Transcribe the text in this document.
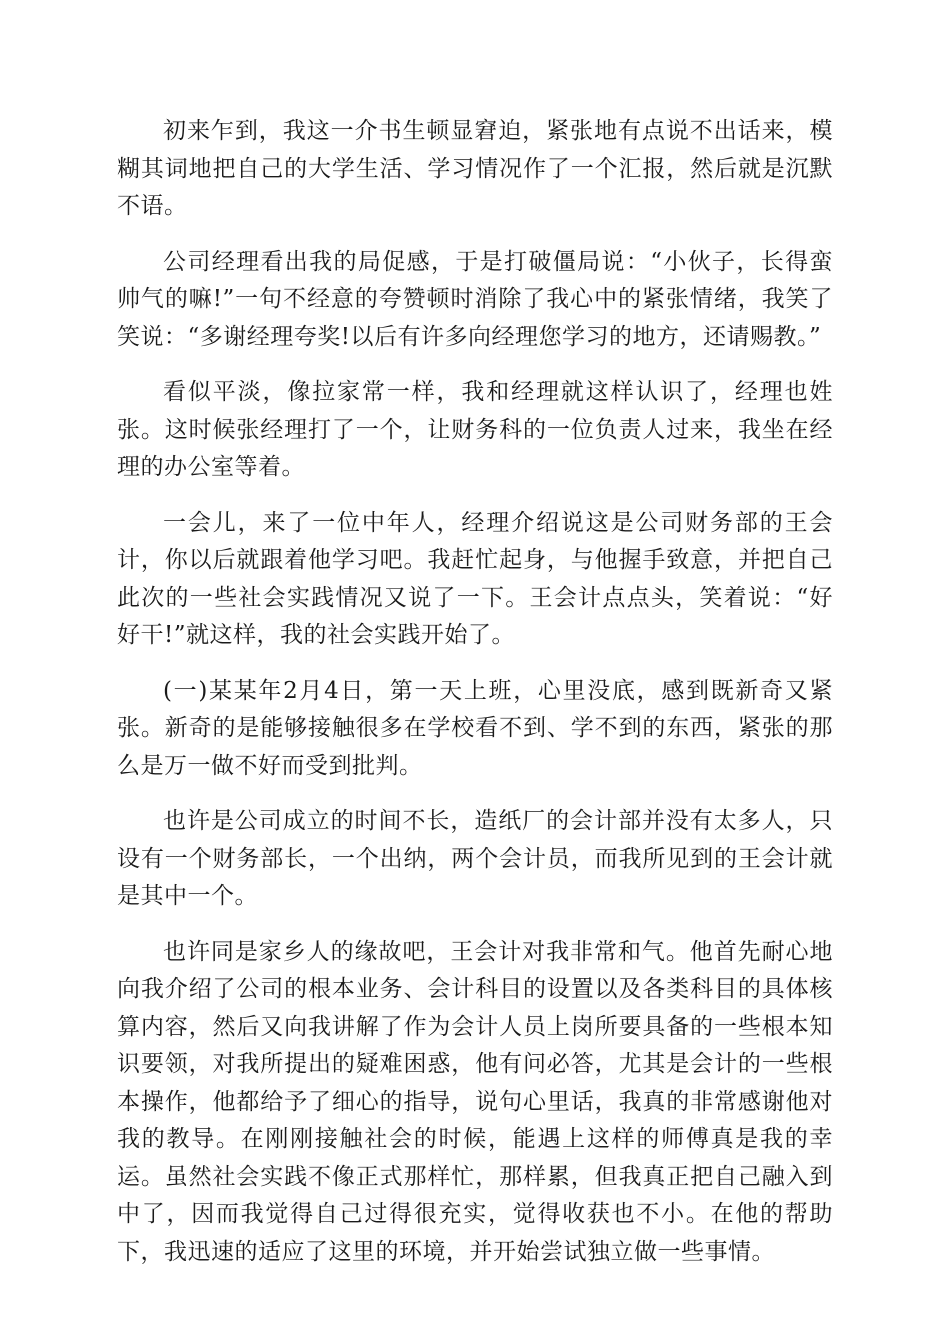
初来乍到，我这一介书生顿显窘迫，紧张地有点说不出话来，模糊其词地把自己的大学生活、学习情况作了一个汇报，然后就是沉默不语。

公司经理看出我的局促感，于是打破僵局说：“小伙子，长得蛮帅气的嘛!”一句不经意的夸赞顿时消除了我心中的紧张情绪，我笑了笑说：“多谢经理夸奖!以后有许多向经理您学习的地方，还请赐教。”

看似平淡，像拉家常一样，我和经理就这样认识了，经理也姓张。这时候张经理打了一个，让财务科的一位负责人过来，我坐在经理的办公室等着。

一会儿，来了一位中年人，经理介绍说这是公司财务部的王会计，你以后就跟着他学习吧。我赶忙起身，与他握手致意，并把自己此次的一些社会实践情况又说了一下。王会计点点头，笑着说：“好好干!”就这样，我的社会实践开始了。

(一)某某年2月4日，第一天上班，心里没底，感到既新奇又紧张。新奇的是能够接触很多在学校看不到、学不到的东西，紧张的那么是万一做不好而受到批判。

也许是公司成立的时间不长，造纸厂的会计部并没有太多人，只设有一个财务部长，一个出纳，两个会计员，而我所见到的王会计就是其中一个。

也许同是家乡人的缘故吧，王会计对我非常和气。他首先耐心地向我介绍了公司的根本业务、会计科目的设置以及各类科目的具体核算内容，然后又向我讲解了作为会计人员上岗所要具备的一些根本知识要领，对我所提出的疑难困惑，他有问必答，尤其是会计的一些根本操作，他都给予了细心的指导，说句心里话，我真的非常感谢他对我的教导。在刚刚接触社会的时候，能遇上这样的师傅真是我的幸运。虽然社会实践不像正式那样忙，那样累，但我真正把自己融入到中了，因而我觉得自己过得很充实，觉得收获也不小。在他的帮助下，我迅速的适应了这里的环境，并开始尝试独立做一些事情。
